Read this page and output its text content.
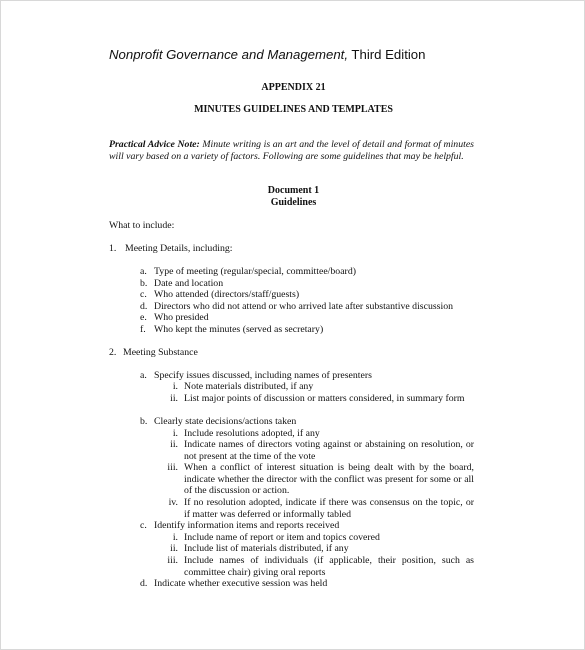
Nonprofit Governance and Management, Third Edition
APPENDIX 21
MINUTES GUIDELINES AND TEMPLATES
Practical Advice Note: Minute writing is an art and the level of detail and format of minutes will vary based on a variety of factors. Following are some guidelines that may be helpful.
Document 1
Guidelines
What to include:
1. Meeting Details, including:
a. Type of meeting (regular/special, committee/board)
b. Date and location
c. Who attended (directors/staff/guests)
d. Directors who did not attend or who arrived late after substantive discussion
e. Who presided
f. Who kept the minutes (served as secretary)
2. Meeting Substance
a. Specify issues discussed, including names of presenters
i. Note materials distributed, if any
ii. List major points of discussion or matters considered, in summary form
b. Clearly state decisions/actions taken
i. Include resolutions adopted, if any
ii. Indicate names of directors voting against or abstaining on resolution, or not present at the time of the vote
iii. When a conflict of interest situation is being dealt with by the board, indicate whether the director with the conflict was present for some or all of the discussion or action.
iv. If no resolution adopted, indicate if there was consensus on the topic, or if matter was deferred or informally tabled
c. Identify information items and reports received
i. Include name of report or item and topics covered
ii. Include list of materials distributed, if any
iii. Include names of individuals (if applicable, their position, such as committee chair) giving oral reports
d. Indicate whether executive session was held
